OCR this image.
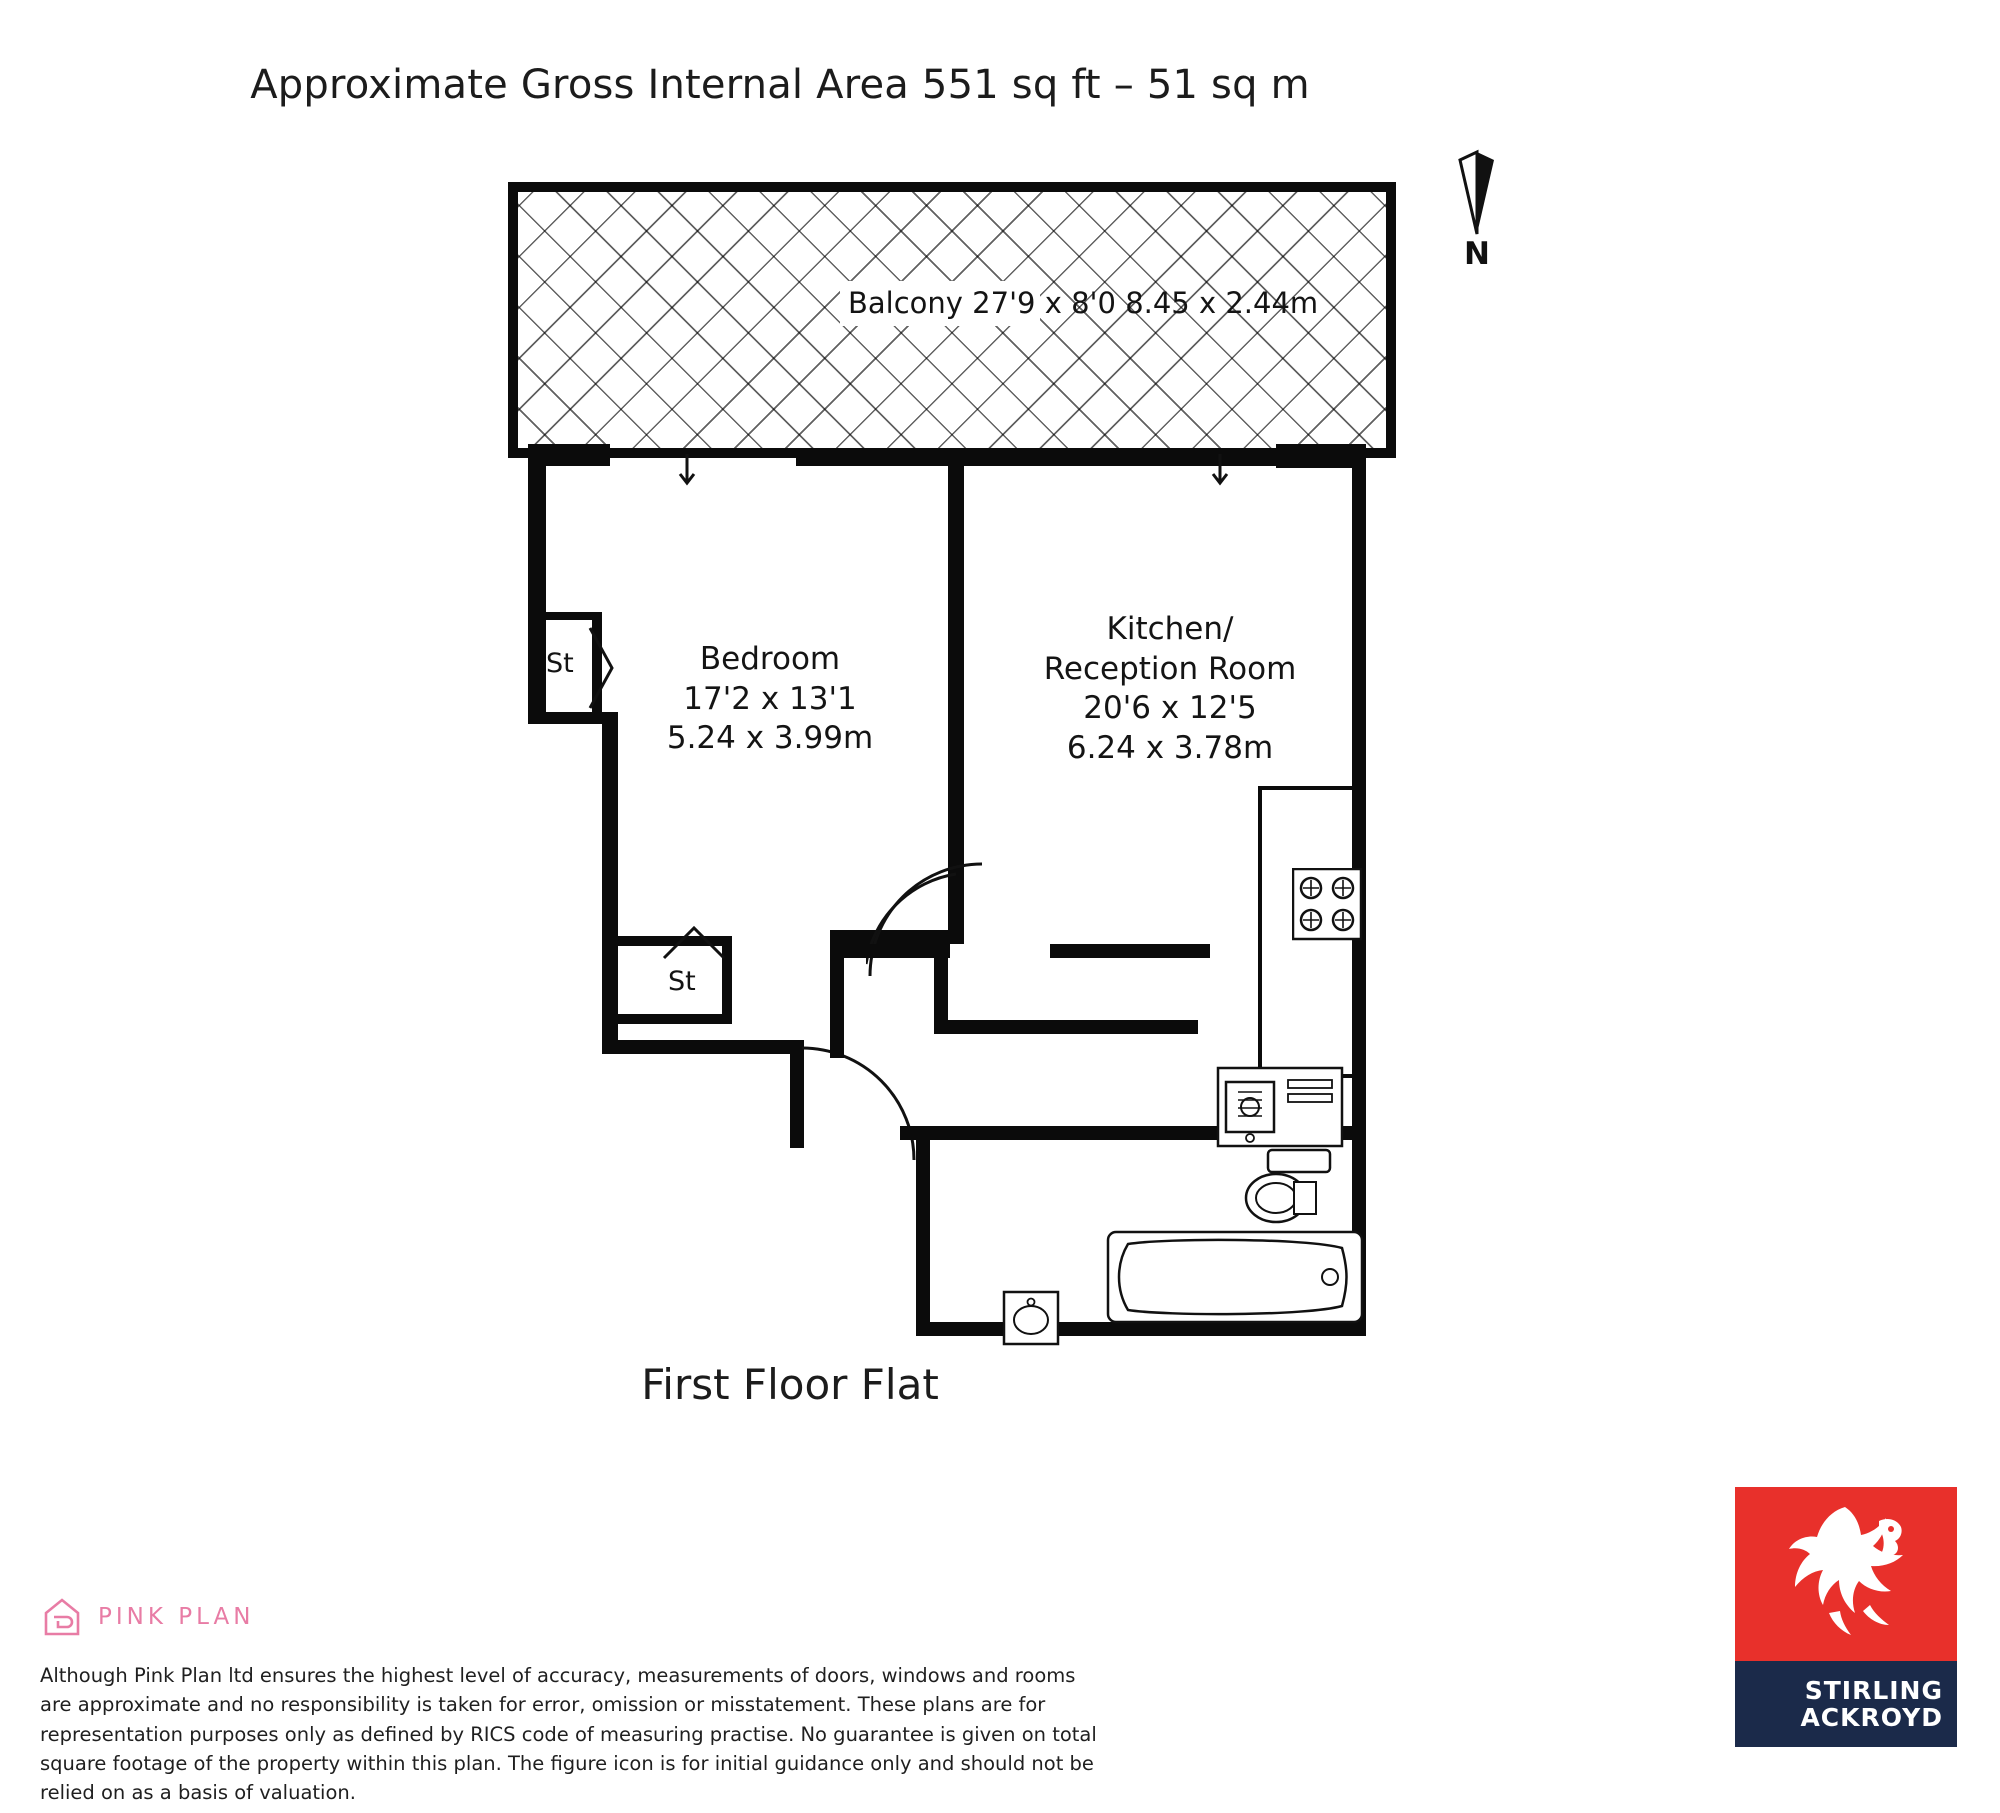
Approximate Gross Internal Area 551 sq ft – 51 sq m
N
Balcony 27'9 x 8'0 8.45 x 2.44m
Bedroom
17'2 x 13'1
5.24 x 3.99m
Kitchen/
Reception Room
20'6 x 12'5
6.24 x 3.78m
St
St
First Floor Flat
PINK PLAN
Although Pink Plan ltd ensures the highest level of accuracy, measurements of doors, windows and rooms are approximate and no responsibility is taken for error, omission or misstatement. These plans are for representation purposes only as defined by RICS code of measuring practise. No guarantee is given on total square footage of the property within this plan. The figure icon is for initial guidance only and should not be relied on as a basis of valuation.
STIRLING
ACKROYD
